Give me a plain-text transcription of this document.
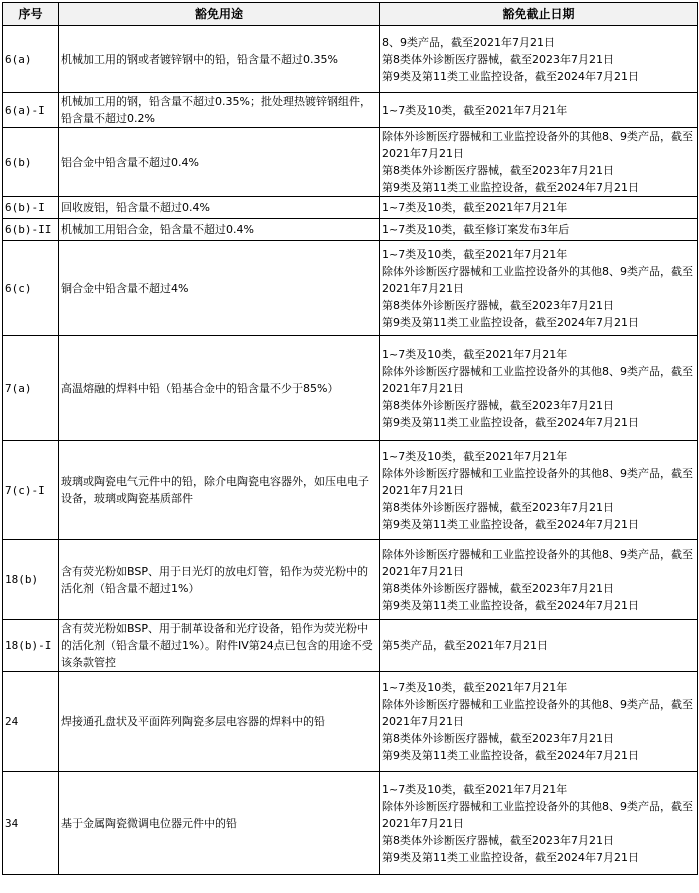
序号	豁免用途	豁免截止日期
6(a)	机械加工用的钢或者镀锌钢中的铅，铅含量不超过0.35%	8、9类产品，截至2021年7月21日
第8类体外诊断医疗器械，截至2023年7月21日
第9类及第11类工业监控设备，截至2024年7月21日

6(a)-I	机械加工用的钢，铅含量不超过0.35%；批处理热镀锌钢组件，铅含量不超过0.2%	1~7类及10类，截至2021年7月21年

6(b)	铝合金中铅含量不超过0.4%	除体外诊断医疗器械和工业监控设备外的其他8、9类产品，截至2021年7月21日
第8类体外诊断医疗器械，截至2023年7月21日
第9类及第11类工业监控设备，截至2024年7月21日

6(b)-I	回收废铝，铅含量不超过0.4%	1~7类及10类，截至2021年7月21年

6(b)-II	机械加工用铝合金，铅含量不超过0.4%	1~7类及10类，截至修订案发布3年后

6(c)	铜合金中铅含量不超过4%	1~7类及10类，截至2021年7月21年
除体外诊断医疗器械和工业监控设备外的其他8、9类产品，截至2021年7月21日
第8类体外诊断医疗器械，截至2023年7月21日
第9类及第11类工业监控设备，截至2024年7月21日

7(a)	高温熔融的焊料中铅（铅基合金中的铅含量不少于85%）	1~7类及10类，截至2021年7月21年
除体外诊断医疗器械和工业监控设备外的其他8、9类产品，截至2021年7月21日
第8类体外诊断医疗器械，截至2023年7月21日
第9类及第11类工业监控设备，截至2024年7月21日

7(c)-I	玻璃或陶瓷电气元件中的铅，除介电陶瓷电容器外，如压电电子设备，玻璃或陶瓷基质部件	1~7类及10类，截至2021年7月21年
除体外诊断医疗器械和工业监控设备外的其他8、9类产品，截至2021年7月21日
第8类体外诊断医疗器械，截至2023年7月21日
第9类及第11类工业监控设备，截至2024年7月21日

18(b)	含有荧光粉如BSP、用于日光灯的放电灯管，铅作为荧光粉中的活化剂（铅含量不超过1%）	除体外诊断医疗器械和工业监控设备外的其他8、9类产品，截至2021年7月21日
第8类体外诊断医疗器械，截至2023年7月21日
第9类及第11类工业监控设备，截至2024年7月21日

18(b)-I	含有荧光粉如BSP、用于制革设备和光疗设备，铅作为荧光粉中的活化剂（铅含量不超过1%）。附件IV第24点已包含的用途不受该条款管控	第5类产品，截至2021年7月21日

24	焊接通孔盘状及平面阵列陶瓷多层电容器的焊料中的铅	1~7类及10类，截至2021年7月21年
除体外诊断医疗器械和工业监控设备外的其他8、9类产品，截至2021年7月21日
第8类体外诊断医疗器械，截至2023年7月21日
第9类及第11类工业监控设备，截至2024年7月21日

34	基于金属陶瓷微调电位器元件中的铅	1~7类及10类，截至2021年7月21年
除体外诊断医疗器械和工业监控设备外的其他8、9类产品，截至2021年7月21日
第8类体外诊断医疗器械，截至2023年7月21日
第9类及第11类工业监控设备，截至2024年7月21日
